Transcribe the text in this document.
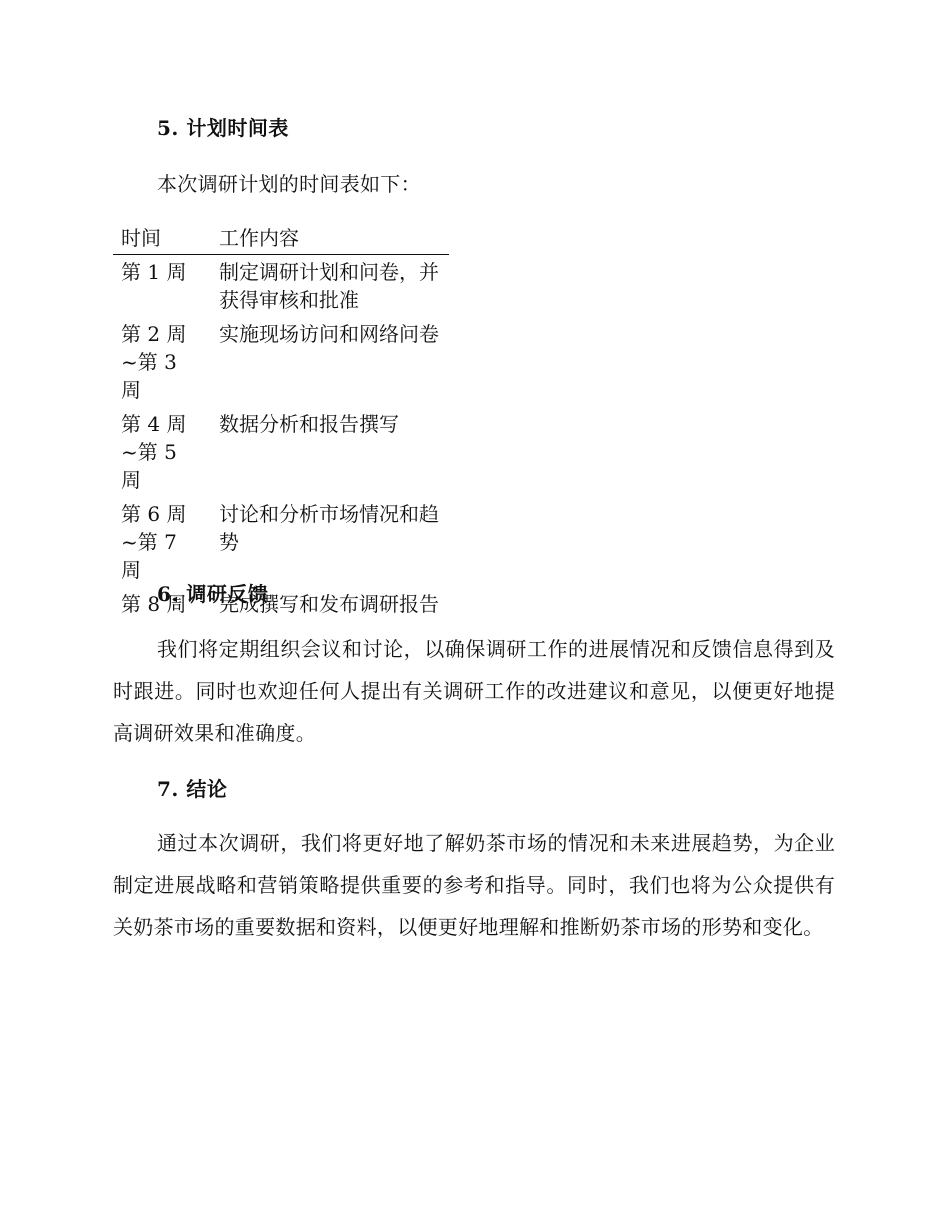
5. 计划时间表
本次调研计划的时间表如下：
时间	工作内容
第 1 周	制定调研计划和问卷，并获得审核和批准
第 2 周~第 3 周	实施现场访问和网络问卷
第 4 周~第 5 周	数据分析和报告撰写
第 6 周~第 7 周	讨论和分析市场情况和趋势
第 8 周	完成撰写和发布调研报告
6. 调研反馈

我们将定期组织会议和讨论，以确保调研工作的进展情况和反馈信息得到及时跟进。同时也欢迎任何人提出有关调研工作的改进建议和意见，以便更好地提高调研效果和准确度。

7. 结论

通过本次调研，我们将更好地了解奶茶市场的情况和未来进展趋势，为企业制定进展战略和营销策略提供重要的参考和指导。同时，我们也将为公众提供有关奶茶市场的重要数据和资料，以便更好地理解和推断奶茶市场的形势和变化。
